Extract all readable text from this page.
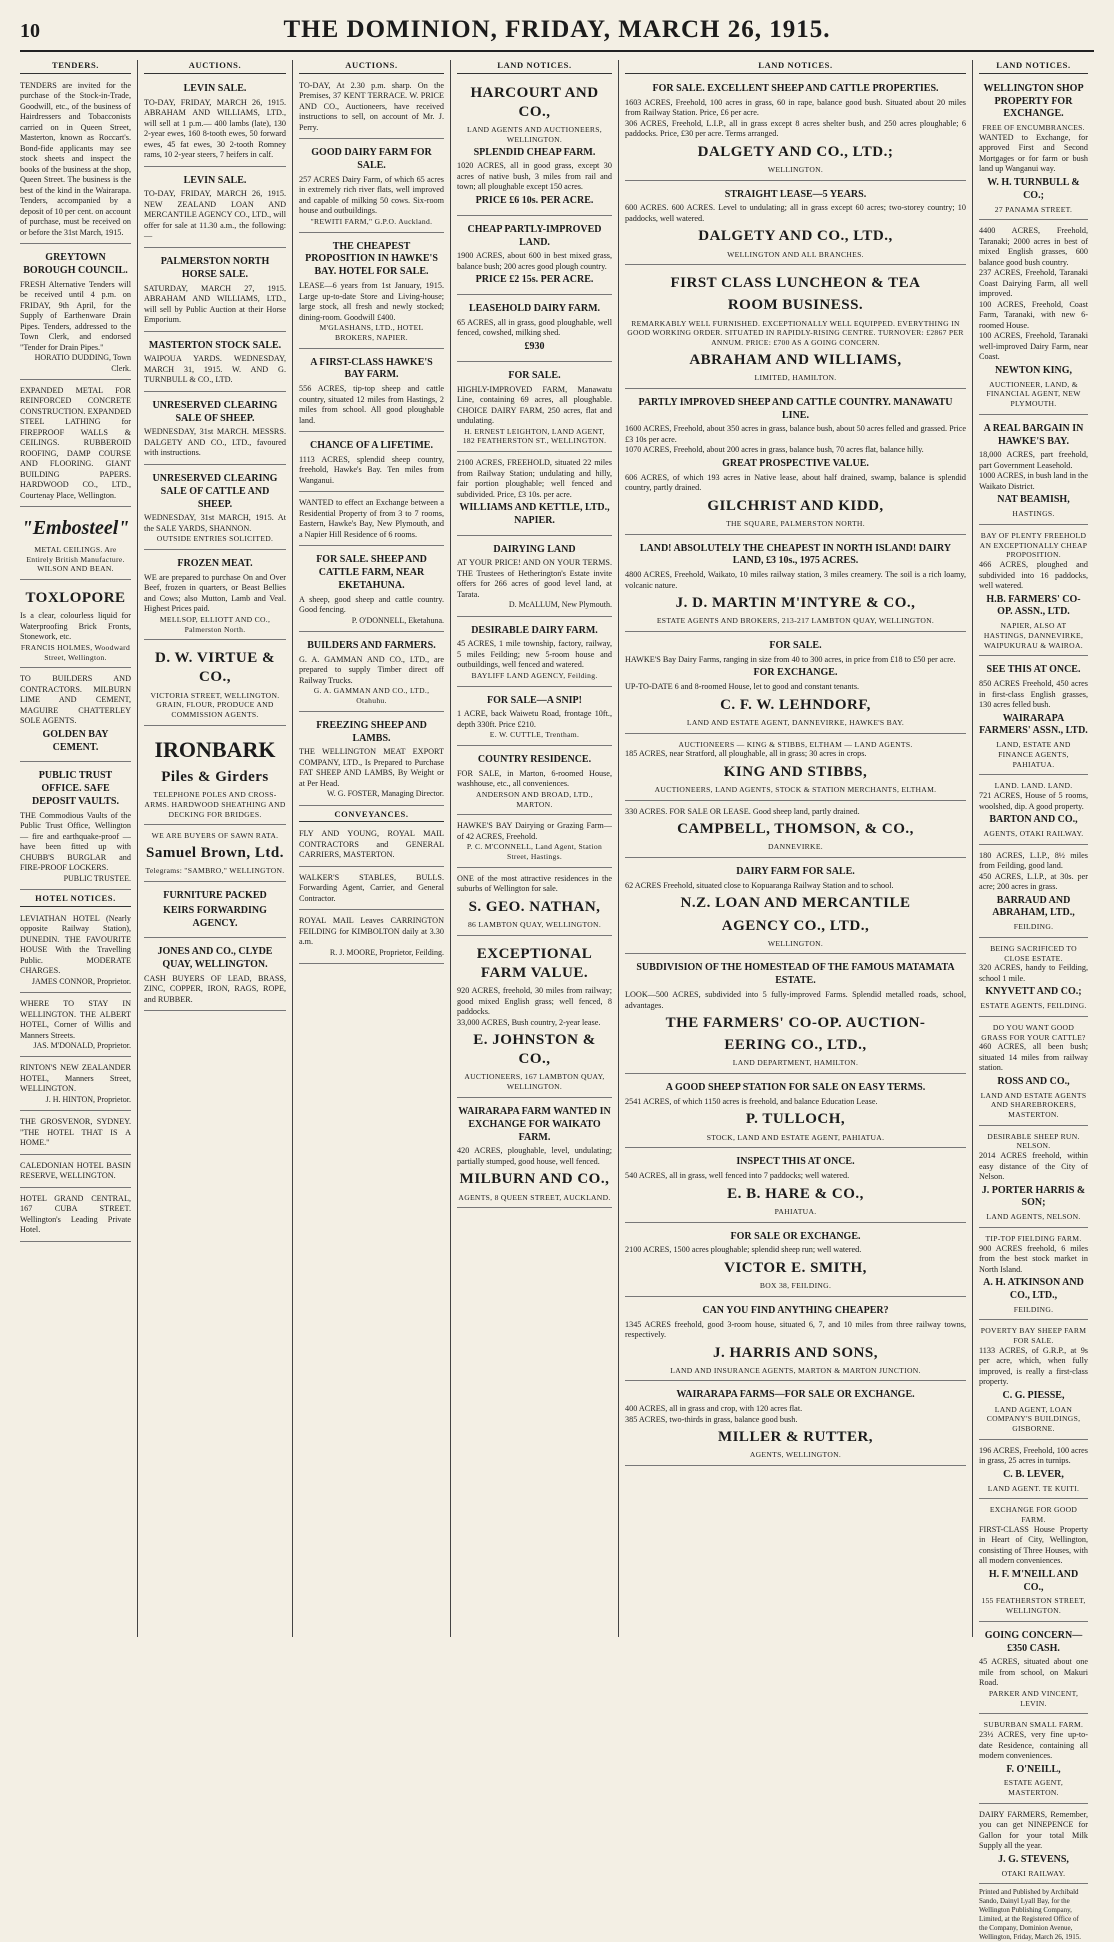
10	THE DOMINION, FRIDAY, MARCH 26, 1915.
TENDERS.
TENDERS are invited for the purchase of the Stock-in-Trade, Goodwill, etc., of the business of Hairdressers and Tobacconists carried on in Queen Street, Masterton, known as Roccart's. Bond-fide applicants may see stock sheets and inspect the books of the business at the shop, Queen Street. The business is the best of the kind in the Wairarapa. Tenders, accompanied by a deposit of 10 per cent. on account of purchase, must be received on or before the 31st March, 1915.
GREYTOWN BOROUGH COUNCIL.
FRESH Alternative Tenders will be received until 4 p.m. on FRIDAY, 9th April, for the Supply of Earthenware Drain Pipes. Tenders, addressed to the Town Clerk, and endorsed "Tender for Drain Pipes."
HORATIO DUDDING, Town Clerk.
EXPANDED METAL FOR REINFORCED CONCRETE CONSTRUCTION. EXPANDED STEEL LATHING for FIREPROOF WALLS & CEILINGS. RUBBEROID ROOFING, DAMP COURSE AND FLOORING. GIANT BUILDING PAPERS. HARDWOOD CO., LTD., Courtenay Place, Wellington.
"Embosteel"
METAL CEILINGS. Are Entirely British Manufacture. WILSON AND BEAN.
TOXLOPORE
Is a clear, colourless liquid for Waterproofing Brick Fronts, Stonework, etc.
FRANCIS HOLMES, Woodward Street, Wellington.
TO BUILDERS AND CONTRACTORS. MILBURN LIME AND CEMENT, MAGUIRE CHATTERLEY SOLE AGENTS.
GOLDEN BAY CEMENT.
PUBLIC TRUST OFFICE. SAFE DEPOSIT VAULTS.
THE Commodious Vaults of the Public Trust Office, Wellington — fire and earthquake-proof — have been fitted up with CHUBB'S BURGLAR and FIRE-PROOF LOCKERS.
PUBLIC TRUSTEE.
HOTEL NOTICES.
LEVIATHAN HOTEL (Nearly opposite Railway Station), DUNEDIN. THE FAVOURITE HOUSE With the Travelling Public. MODERATE CHARGES.
JAMES CONNOR, Proprietor.
WHERE TO STAY IN WELLINGTON. THE ALBERT HOTEL, Corner of Willis and Manners Streets.
JAS. M'DONALD, Proprietor.
RINTON'S NEW ZEALANDER HOTEL, Manners Street, WELLINGTON.
J. H. HINTON, Proprietor.
THE GROSVENOR, SYDNEY. "THE HOTEL THAT IS A HOME."
CALEDONIAN HOTEL BASIN RESERVE, WELLINGTON.
HOTEL GRAND CENTRAL, 167 CUBA STREET. Wellington's Leading Private Hotel.
AUCTIONS.
LEVIN SALE.
TO-DAY, FRIDAY, MARCH 26, 1915. ABRAHAM AND WILLIAMS, LTD., will sell at 1 p.m.— 400 lambs (late), 130 2-year ewes, 160 8-tooth ewes, 50 forward ewes, 45 fat ewes, 30 2-tooth Romney rams, 10 2-year steers, 7 heifers in calf.
LEVIN SALE.
TO-DAY, FRIDAY, MARCH 26, 1915. NEW ZEALAND LOAN AND MERCANTILE AGENCY CO., LTD., will offer for sale at 11.30 a.m., the following:—
PALMERSTON NORTH HORSE SALE.
SATURDAY, MARCH 27, 1915. ABRAHAM AND WILLIAMS, LTD., will sell by Public Auction at their Horse Emporium.
MASTERTON STOCK SALE.
WAIPOUA YARDS. WEDNESDAY, MARCH 31, 1915. W. AND G. TURNBULL & CO., LTD.
UNRESERVED CLEARING SALE OF SHEEP.
WEDNESDAY, 31st MARCH. MESSRS. DALGETY AND CO., LTD., favoured with instructions.
UNRESERVED CLEARING SALE OF CATTLE AND SHEEP.
WEDNESDAY, 31st MARCH, 1915. At the SALE YARDS, SHANNON.
OUTSIDE ENTRIES SOLICITED.
FROZEN MEAT.
WE are prepared to purchase On and Over Beef, frozen in quarters, or Beast Bellies and Cows; also Mutton, Lamb and Veal. Highest Prices paid.
MELLSOP, ELLIOTT AND CO., Palmerston North.
D. W. VIRTUE & CO.,
VICTORIA STREET, WELLINGTON. GRAIN, FLOUR, PRODUCE AND COMMISSION AGENTS.
IRONBARK
Piles & Girders
TELEPHONE POLES AND CROSS-ARMS. HARDWOOD SHEATHING AND DECKING FOR BRIDGES.
WE ARE BUYERS OF SAWN RATA.
Samuel Brown, Ltd.
Telegrams: "SAMBRO," WELLINGTON.
FURNITURE PACKED
KEIRS FORWARDING AGENCY.
JONES AND CO., CLYDE QUAY, WELLINGTON.
CASH BUYERS OF LEAD, BRASS, ZINC, COPPER, IRON, RAGS, ROPE, and RUBBER.
AUCTIONS.
TO-DAY, At 2.30 p.m. sharp. On the Premises, 37 KENT TERRACE. W. PRICE AND CO., Auctioneers, have received instructions to sell, on account of Mr. J. Perry.
GOOD DAIRY FARM FOR SALE.
257 ACRES Dairy Farm, of which 65 acres in extremely rich river flats, well improved and capable of milking 50 cows. Six-room house and outbuildings.
"REWITI FARM," G.P.O. Auckland.
THE CHEAPEST PROPOSITION IN HAWKE'S BAY. HOTEL FOR SALE.
LEASE—6 years from 1st January, 1915. Large up-to-date Store and Living-house; large stock, all fresh and newly stocked; dining-room. Goodwill £400.
M'GLASHANS, LTD., HOTEL BROKERS, NAPIER.
A FIRST-CLASS HAWKE'S BAY FARM.
556 ACRES, tip-top sheep and cattle country, situated 12 miles from Hastings, 2 miles from school. All good ploughable land.
CHANCE OF A LIFETIME.
1113 ACRES, splendid sheep country, freehold, Hawke's Bay. Ten miles from Wanganui.
WANTED to effect an Exchange between a Residential Property of from 3 to 7 rooms, Eastern, Hawke's Bay, New Plymouth, and a Napier Hill Residence of 6 rooms.
FOR SALE. SHEEP AND CATTLE FARM, NEAR EKETAHUNA.
A sheep, good sheep and cattle country. Good fencing.
P. O'DONNELL, Eketahuna.
BUILDERS AND FARMERS.
G. A. GAMMAN AND CO., LTD., are prepared to supply Timber direct off Railway Trucks.
G. A. GAMMAN AND CO., LTD., Otahuhu.
FREEZING SHEEP AND LAMBS.
THE WELLINGTON MEAT EXPORT COMPANY, LTD., Is Prepared to Purchase FAT SHEEP AND LAMBS, By Weight or at Per Head.
W. G. FOSTER, Managing Director.
CONVEYANCES.
FLY AND YOUNG, ROYAL MAIL CONTRACTORS and GENERAL CARRIERS, MASTERTON.
WALKER'S STABLES, BULLS. Forwarding Agent, Carrier, and General Contractor.
ROYAL MAIL Leaves CARRINGTON FEILDING for KIMBOLTON daily at 3.30 a.m.
R. J. MOORE, Proprietor, Feilding.
LAND NOTICES.
HARCOURT AND CO.,
LAND AGENTS AND AUCTIONEERS, WELLINGTON.
SPLENDID CHEAP FARM.
1020 ACRES, all in good grass, except 30 acres of native bush, 3 miles from rail and town; all ploughable except 150 acres.
PRICE £6 10s. PER ACRE.
CHEAP PARTLY-IMPROVED LAND.
1900 ACRES, about 600 in best mixed grass, balance bush; 200 acres good plough country.
PRICE £2 15s. PER ACRE.
LEASEHOLD DAIRY FARM.
65 ACRES, all in grass, good ploughable, well fenced, cowshed, milking shed.
£930
FOR SALE.
HIGHLY-IMPROVED FARM, Manawatu Line, containing 69 acres, all ploughable. CHOICE DAIRY FARM, 250 acres, flat and undulating.
H. ERNEST LEIGHTON, LAND AGENT, 182 FEATHERSTON ST., WELLINGTON.
2100 ACRES, FREEHOLD, situated 22 miles from Railway Station; undulating and hilly, fair portion ploughable; well fenced and subdivided. Price, £3 10s. per acre.
WILLIAMS AND KETTLE, LTD., NAPIER.
DAIRYING LAND
AT YOUR PRICE! AND ON YOUR TERMS. THE Trustees of Hetherington's Estate invite offers for 266 acres of good level land, at Tarata.
D. McALLUM, New Plymouth.
DESIRABLE DAIRY FARM.
45 ACRES, 1 mile township, factory, railway, 5 miles Feilding; new 5-room house and outbuildings, well fenced and watered.
BAYLIFF LAND AGENCY, Feilding.
FOR SALE—A SNIP!
1 ACRE, back Waiwetu Road, frontage 10ft., depth 330ft. Price £210.
E. W. CUTTLE, Trentham.
COUNTRY RESIDENCE.
FOR SALE, in Marton, 6-roomed House, washhouse, etc., all conveniences.
ANDERSON AND BROAD, LTD., MARTON.
HAWKE'S BAY Dairying or Grazing Farm—of 42 ACRES, Freehold.
P. C. M'CONNELL, Land Agent, Station Street, Hastings.
ONE of the most attractive residences in the suburbs of Wellington for sale.
S. GEO. NATHAN,
86 LAMBTON QUAY, WELLINGTON.
EXCEPTIONAL FARM VALUE.
920 ACRES, freehold, 30 miles from railway; good mixed English grass; well fenced, 8 paddocks.
33,000 ACRES, Bush country, 2-year lease.
E. JOHNSTON & CO.,
AUCTIONEERS, 167 LAMBTON QUAY, WELLINGTON.
WAIRARAPA FARM WANTED IN EXCHANGE FOR WAIKATO FARM.
420 ACRES, ploughable, level, undulating; partially stumped, good house, well fenced.
MILBURN AND CO.,
AGENTS, 8 QUEEN STREET, AUCKLAND.
LAND NOTICES.
FOR SALE. EXCELLENT SHEEP AND CATTLE PROPERTIES.
1603 ACRES, Freehold, 100 acres in grass, 60 in rape, balance good bush. Situated about 20 miles from Railway Station. Price, £6 per acre.
306 ACRES, Freehold, L.I.P., all in grass except 8 acres shelter bush, and 250 acres ploughable; 6 paddocks. Price, £30 per acre. Terms arranged.
DALGETY AND CO., LTD.;
WELLINGTON.
STRAIGHT LEASE—5 YEARS.
600 ACRES. 600 ACRES. Level to undulating; all in grass except 60 acres; two-storey country; 10 paddocks, well watered.
DALGETY AND CO., LTD.,
WELLINGTON AND ALL BRANCHES.
FIRST CLASS LUNCHEON & TEA
ROOM BUSINESS.
REMARKABLY WELL FURNISHED. EXCEPTIONALLY WELL EQUIPPED. EVERYTHING IN GOOD WORKING ORDER. SITUATED IN RAPIDLY-RISING CENTRE. TURNOVER: £2867 PER ANNUM. PRICE: £700 AS A GOING CONCERN.
ABRAHAM AND WILLIAMS,
LIMITED, HAMILTON.
PARTLY IMPROVED SHEEP AND CATTLE COUNTRY. MANAWATU LINE.
1600 ACRES, Freehold, about 350 acres in grass, balance bush, about 50 acres felled and grassed. Price £3 10s per acre.
1070 ACRES, Freehold, about 200 acres in grass, balance bush, 70 acres flat, balance hilly.
GREAT PROSPECTIVE VALUE.
606 ACRES, of which 193 acres in Native lease, about half drained, swamp, balance is splendid country, partly drained.
GILCHRIST AND KIDD,
THE SQUARE, PALMERSTON NORTH.
LAND! ABSOLUTELY THE CHEAPEST IN NORTH ISLAND! DAIRY LAND, £3 10s., 1975 ACRES.
4800 ACRES, Freehold, Waikato, 10 miles railway station, 3 miles creamery. The soil is a rich loamy, volcanic nature.
J. D. MARTIN M'INTYRE & CO.,
ESTATE AGENTS AND BROKERS, 213-217 LAMBTON QUAY, WELLINGTON.
FOR SALE.
HAWKE'S Bay Dairy Farms, ranging in size from 40 to 300 acres, in price from £18 to £50 per acre.
FOR EXCHANGE.
UP-TO-DATE 6 and 8-roomed House, let to good and constant tenants.
C. F. W. LEHNDORF,
LAND AND ESTATE AGENT, DANNEVIRKE, HAWKE'S BAY.
AUCTIONEERS — KING & STIBBS, ELTHAM — LAND AGENTS.
185 ACRES, near Stratford, all ploughable, all in grass; 30 acres in crops.
KING AND STIBBS,
AUCTIONEERS, LAND AGENTS, STOCK & STATION MERCHANTS, ELTHAM.
330 ACRES. FOR SALE OR LEASE. Good sheep land, partly drained.
CAMPBELL, THOMSON, & CO.,
DANNEVIRKE.
DAIRY FARM FOR SALE.
62 ACRES Freehold, situated close to Kopuaranga Railway Station and to school.
N.Z. LOAN AND MERCANTILE
AGENCY CO., LTD.,
WELLINGTON.
SUBDIVISION OF THE HOMESTEAD OF THE FAMOUS MATAMATA ESTATE.
LOOK—500 ACRES, subdivided into 5 fully-improved Farms. Splendid metalled roads, school, advantages.
THE FARMERS' CO-OP. AUCTION-
EERING CO., LTD.,
LAND DEPARTMENT, HAMILTON.
A GOOD SHEEP STATION FOR SALE ON EASY TERMS.
2541 ACRES, of which 1150 acres is freehold, and balance Education Lease.
P. TULLOCH,
STOCK, LAND AND ESTATE AGENT, PAHIATUA.
INSPECT THIS AT ONCE.
540 ACRES, all in grass, well fenced into 7 paddocks; well watered.
E. B. HARE & CO.,
PAHIATUA.
FOR SALE OR EXCHANGE.
2100 ACRES, 1500 acres ploughable; splendid sheep run; well watered.
VICTOR E. SMITH,
BOX 38, FEILDING.
CAN YOU FIND ANYTHING CHEAPER?
1345 ACRES freehold, good 3-room house, situated 6, 7, and 10 miles from three railway towns, respectively.
J. HARRIS AND SONS,
LAND AND INSURANCE AGENTS, MARTON & MARTON JUNCTION.
WAIRARAPA FARMS—FOR SALE OR EXCHANGE.
400 ACRES, all in grass and crop, with 120 acres flat.
385 ACRES, two-thirds in grass, balance good bush.
MILLER & RUTTER,
AGENTS, WELLINGTON.
LAND NOTICES.
WELLINGTON SHOP PROPERTY FOR EXCHANGE.
FREE OF ENCUMBRANCES.
WANTED to Exchange, for approved First and Second Mortgages or for farm or bush land up Wanganui way.
W. H. TURNBULL & CO.;
27 PANAMA STREET.
4400 ACRES, Freehold, Taranaki; 2000 acres in best of mixed English grasses, 600 balance good bush country.
237 ACRES, Freehold, Taranaki Coast Dairying Farm, all well improved.
100 ACRES, Freehold, Coast Farm, Taranaki, with new 6-roomed House.
100 ACRES, Freehold, Taranaki well-improved Dairy Farm, near Coast.
NEWTON KING,
AUCTIONEER, LAND, & FINANCIAL AGENT, NEW PLYMOUTH.
A REAL BARGAIN IN HAWKE'S BAY.
18,000 ACRES, part freehold, part Government Leasehold.
1000 ACRES, in bush land in the Waikato District.
NAT BEAMISH,
HASTINGS.
BAY OF PLENTY FREEHOLD AN EXCEPTIONALLY CHEAP PROPOSITION.
466 ACRES, ploughed and subdivided into 16 paddocks, well watered.
H.B. FARMERS' CO-OP. ASSN., LTD.
NAPIER, ALSO AT HASTINGS, DANNEVIRKE, WAIPUKURAU & WAIROA.
SEE THIS AT ONCE.
850 ACRES Freehold, 450 acres in first-class English grasses, 130 acres felled bush.
WAIRARAPA FARMERS' ASSN., LTD.
LAND, ESTATE AND FINANCE AGENTS, PAHIATUA.
LAND. LAND. LAND.
721 ACRES, House of 5 rooms, woolshed, dip. A good property.
BARTON AND CO.,
AGENTS, OTAKI RAILWAY.
180 ACRES, L.I.P., 8½ miles from Feilding, good land.
450 ACRES, L.I.P., at 30s. per acre; 200 acres in grass.
BARRAUD AND ABRAHAM, LTD.,
FEILDING.
BEING SACRIFICED TO CLOSE ESTATE.
320 ACRES, handy to Feilding, school 1 mile.
KNYVETT AND CO.;
ESTATE AGENTS, FEILDING.
DO YOU WANT GOOD GRASS FOR YOUR CATTLE?
460 ACRES, all been bush; situated 14 miles from railway station.
ROSS AND CO.,
LAND AND ESTATE AGENTS AND SHAREBROKERS, MASTERTON.
DESIRABLE SHEEP RUN. NELSON.
2014 ACRES freehold, within easy distance of the City of Nelson.
J. PORTER HARRIS & SON;
LAND AGENTS, NELSON.
TIP-TOP FIELDING FARM.
900 ACRES freehold, 6 miles from the best stock market in North Island.
A. H. ATKINSON AND CO., LTD.,
FEILDING.
POVERTY BAY SHEEP FARM FOR SALE.
1133 ACRES, of G.R.P., at 9s per acre, which, when fully improved, is really a first-class property.
C. G. PIESSE,
LAND AGENT, LOAN COMPANY'S BUILDINGS, GISBORNE.
196 ACRES, Freehold, 100 acres in grass, 25 acres in turnips.
C. B. LEVER,
LAND AGENT. TE KUITI.
EXCHANGE FOR GOOD FARM.
FIRST-CLASS House Property in Heart of City, Wellington, consisting of Three Houses, with all modern conveniences.
H. F. M'NEILL AND CO.,
155 FEATHERSTON STREET, WELLINGTON.
GOING CONCERN—£350 CASH.
45 ACRES, situated about one mile from school, on Makuri Road.
PARKER AND VINCENT,
LEVIN.
SUBURBAN SMALL FARM.
23½ ACRES, very fine up-to-date Residence, containing all modern conveniences.
F. O'NEILL,
ESTATE AGENT, MASTERTON.
DAIRY FARMERS, Remember, you can get NINEPENCE for Gallon for your total Milk Supply all the year.
J. G. STEVENS,
OTAKI RAILWAY.
Printed and Published by Archibald Sando, Dainyl Lyall Bay, for the Wellington Publishing Company, Limited, at the Registered Office of the Company, Dominion Avenue, Wellington, Friday, March 26, 1915.
